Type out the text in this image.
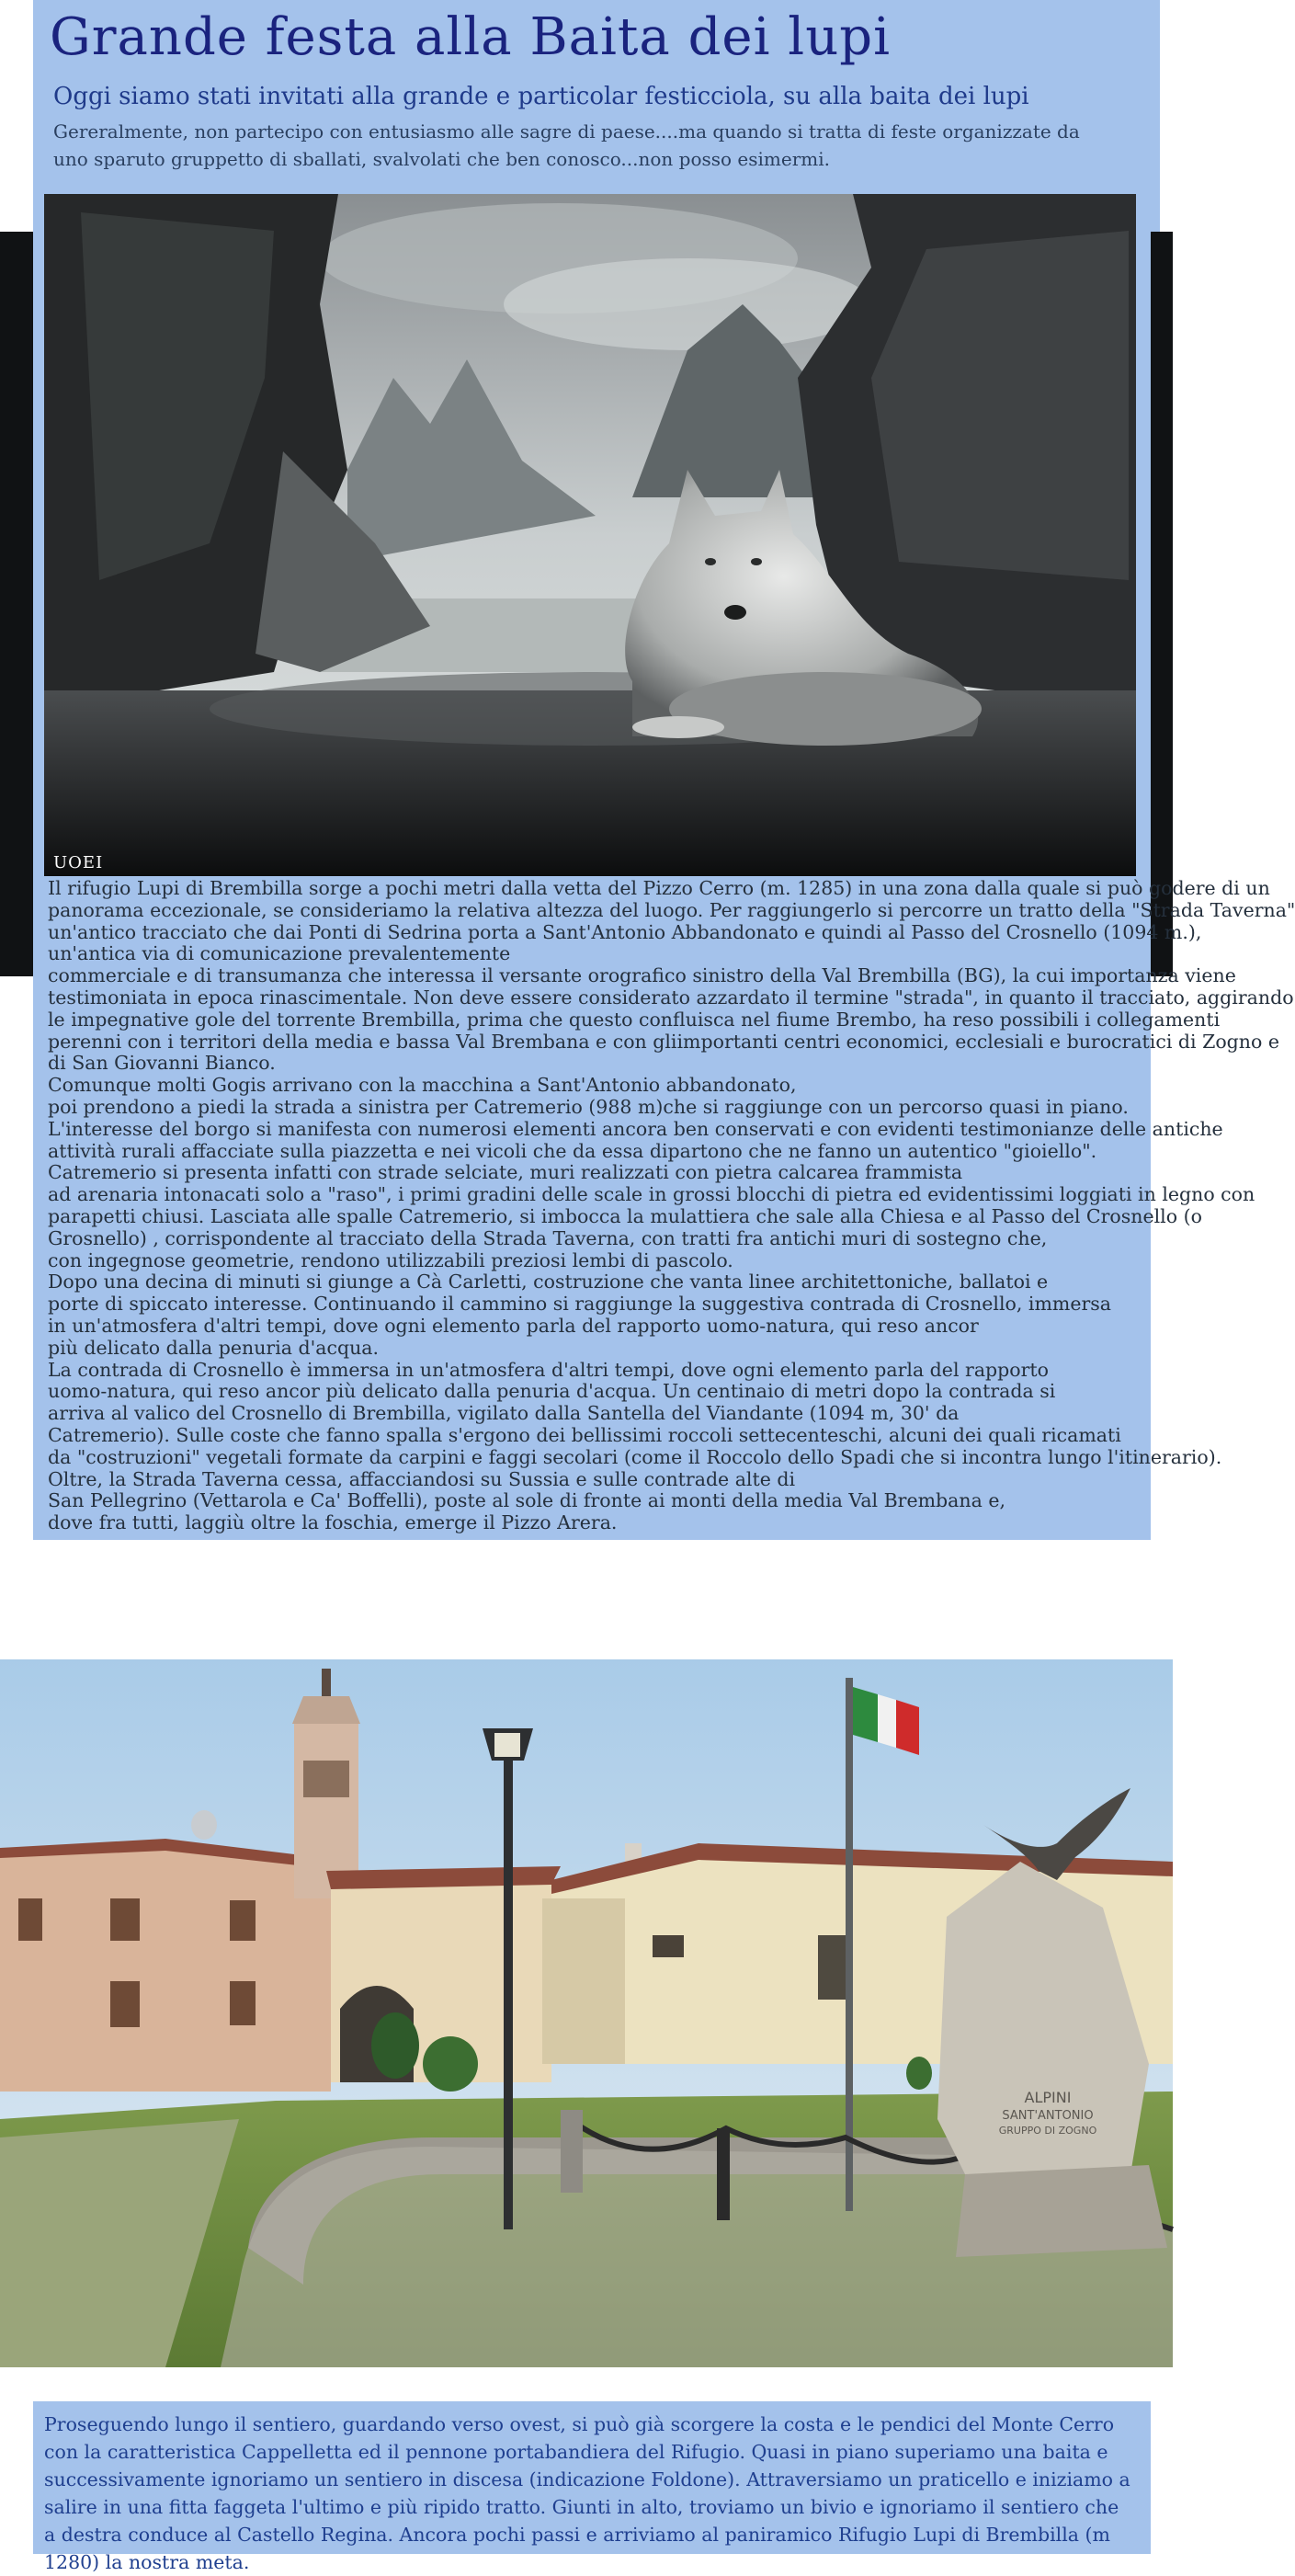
Grande festa alla Baita dei lupi
Oggi siamo stati invitati alla grande e particolar festicciola, su alla baita dei lupi
Gereralmente, non partecipo con entusiasmo alle sagre di paese....ma quando si tratta di feste organizzate da uno sparuto gruppetto di sballati, svalvolati che ben conosco...non posso esimermi.
UOEI

Il rifugio Lupi di Brembilla sorge a pochi metri dalla vetta del Pizzo Cerro (m. 1285) in una zona dalla quale si può godere di un

panorama eccezionale, se consideriamo la relativa altezza del luogo. Per raggiungerlo si percorre un tratto della "Strada Taverna"

un'antico tracciato che dai Ponti di Sedrina porta a Sant'Antonio Abbandonato e quindi al Passo del Crosnello (1094 m.),

un'antica via di comunicazione prevalentemente

commerciale e di transumanza che interessa il versante orografico sinistro della Val Brembilla (BG), la cui importanza viene

testimoniata in epoca rinascimentale. Non deve essere considerato azzardato il termine "strada", in quanto il tracciato, aggirando

le impegnative gole del torrente Brembilla, prima che questo confluisca nel fiume Brembo, ha reso possibili i collegamenti

perenni con i territori della media e bassa Val Brembana e con gliimportanti centri economici, ecclesiali e burocratici di Zogno e

di San Giovanni Bianco.

Comunque molti Gogis arrivano con la macchina a Sant'Antonio abbandonato,

poi prendono a piedi la strada a sinistra per Catremerio (988 m)che si raggiunge con un percorso quasi in piano.

L'interesse del borgo si manifesta con numerosi elementi ancora ben conservati e con evidenti testimonianze delle antiche

attività rurali affacciate sulla piazzetta e nei vicoli che da essa dipartono che ne fanno un autentico "gioiello".

Catremerio si presenta infatti con strade selciate, muri realizzati con pietra calcarea frammista

ad arenaria intonacati solo a "raso", i primi gradini delle scale in grossi blocchi di pietra ed evidentissimi loggiati in legno con

parapetti chiusi. Lasciata alle spalle Catremerio, si imbocca la mulattiera che sale alla Chiesa e al Passo del Crosnello (o

Grosnello) , corrispondente al tracciato della Strada Taverna, con tratti fra antichi muri di sostegno che,

con ingegnose geometrie, rendono utilizzabili preziosi lembi di pascolo.

Dopo una decina di minuti si giunge a Cà Carletti, costruzione che vanta linee architettoniche, ballatoi e

porte di spiccato interesse. Continuando il cammino si raggiunge la suggestiva contrada di Crosnello, immersa

in un'atmosfera d'altri tempi, dove ogni elemento parla del rapporto uomo-natura, qui reso ancor

più delicato dalla penuria d'acqua.

La contrada di Crosnello è immersa in un'atmosfera d'altri tempi, dove ogni elemento parla del rapporto

uomo-natura, qui reso ancor più delicato dalla penuria d'acqua. Un centinaio di metri dopo la contrada si

arriva al valico del Crosnello di Brembilla, vigilato dalla Santella del Viandante (1094 m, 30' da

Catremerio). Sulle coste che fanno spalla s'ergono dei bellissimi roccoli settecenteschi, alcuni dei quali ricamati

da "costruzioni" vegetali formate da carpini e faggi secolari (come il Roccolo dello Spadi che si incontra lungo l'itinerario).

Oltre, la Strada Taverna cessa, affacciandosi su Sussia e sulle contrade alte di

San Pellegrino (Vettarola e Ca' Boffelli), poste al sole di fronte ai monti della media Val Brembana e,

dove fra tutti, laggiù oltre la foschia, emerge il Pizzo Arera.

ALPINI
SANT'ANTONIO
GRUPPO DI ZOGNO
Proseguendo lungo il sentiero, guardando verso ovest, si può già scorgere la costa e le pendici del Monte Cerro con la caratteristica Cappelletta ed il pennone portabandiera del Rifugio. Quasi in piano superiamo una baita e successivamente ignoriamo un sentiero in discesa (indicazione Foldone). Attraversiamo un praticello e iniziamo a salire in una fitta faggeta l'ultimo e più ripido tratto. Giunti in alto, troviamo un bivio e ignoriamo il sentiero che a destra conduce al Castello Regina. Ancora pochi passi e arriviamo al paniramico Rifugio Lupi di Brembilla (m 1280) la nostra meta.
